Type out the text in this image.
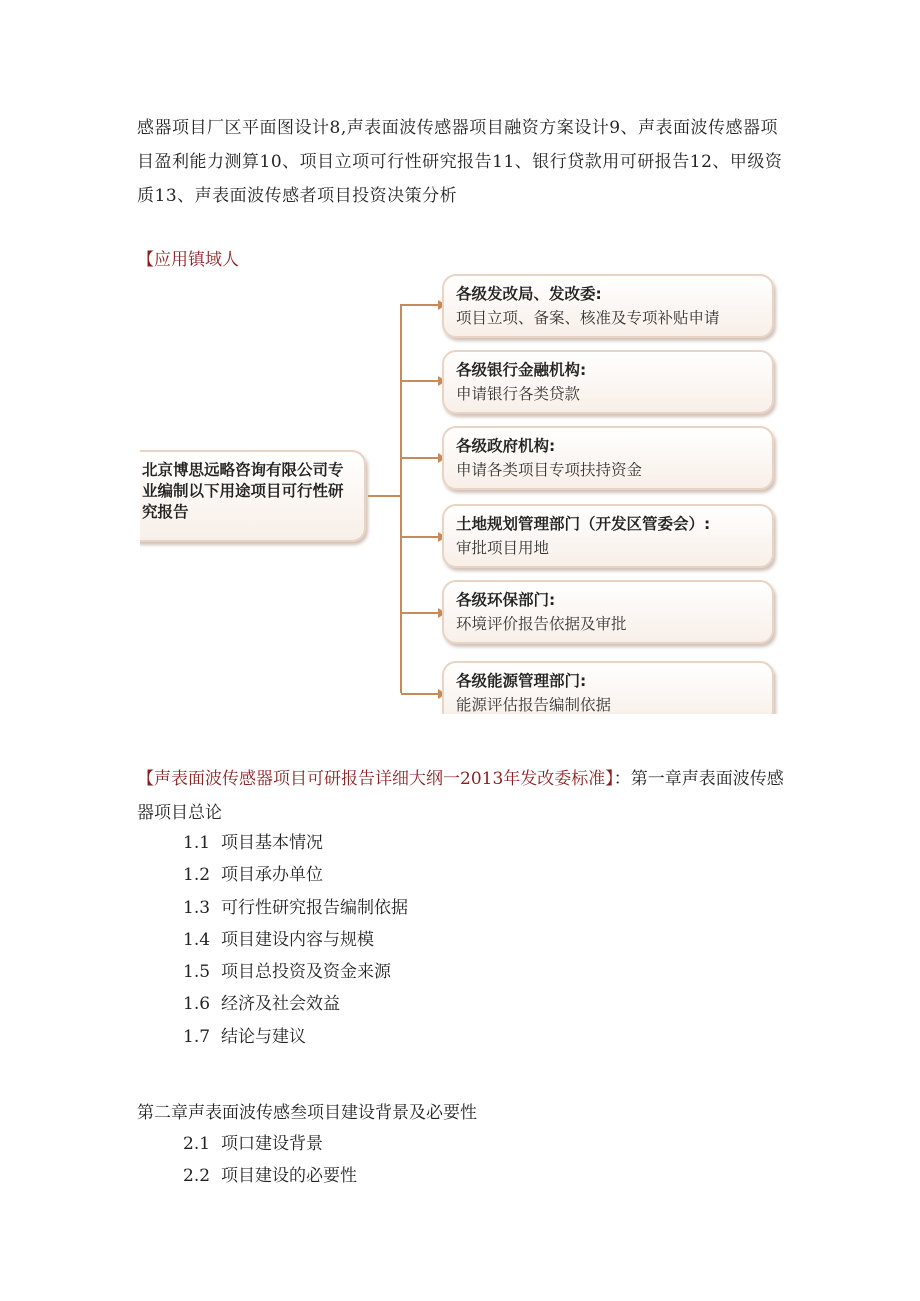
感器项目厂区平面图设计8,声表面波传感器项目融资方案设计9、声表面波传感器项目盈利能力测算10、项目立项可行性研究报告11、银行贷款用可研报告12、甲级资质13、声表面波传感者项目投资决策分析
【应用镇域人
北京博思远略咨询有限公司专业编制以下用途项目可行性研究报告
各级发改局、发改委:
项目立项、备案、核准及专项补贴申请
各级银行金融机构:
申请银行各类贷款
各级政府机构:
申请各类项目专项扶持资金
土地规划管理部门（开发区管委会）:
审批项目用地
各级环保部门:
环境评价报告依据及审批
各级能源管理部门:
能源评估报告编制依据
【声表面波传感器项目可研报告详细大纲一2013年发改委标准】：第一章声表面波传感器项目总论
1.1 项目基本情况
1.2 项目承办单位
1.3 可行性研究报告编制依据
1.4 项目建设内容与规模
1.5 项目总投资及资金来源
1.6 经济及社会效益
1.7 结论与建议
第二章声表面波传感叁项目建设背景及必要性
2.1 项口建设背景
2.2 项目建设的必要性
